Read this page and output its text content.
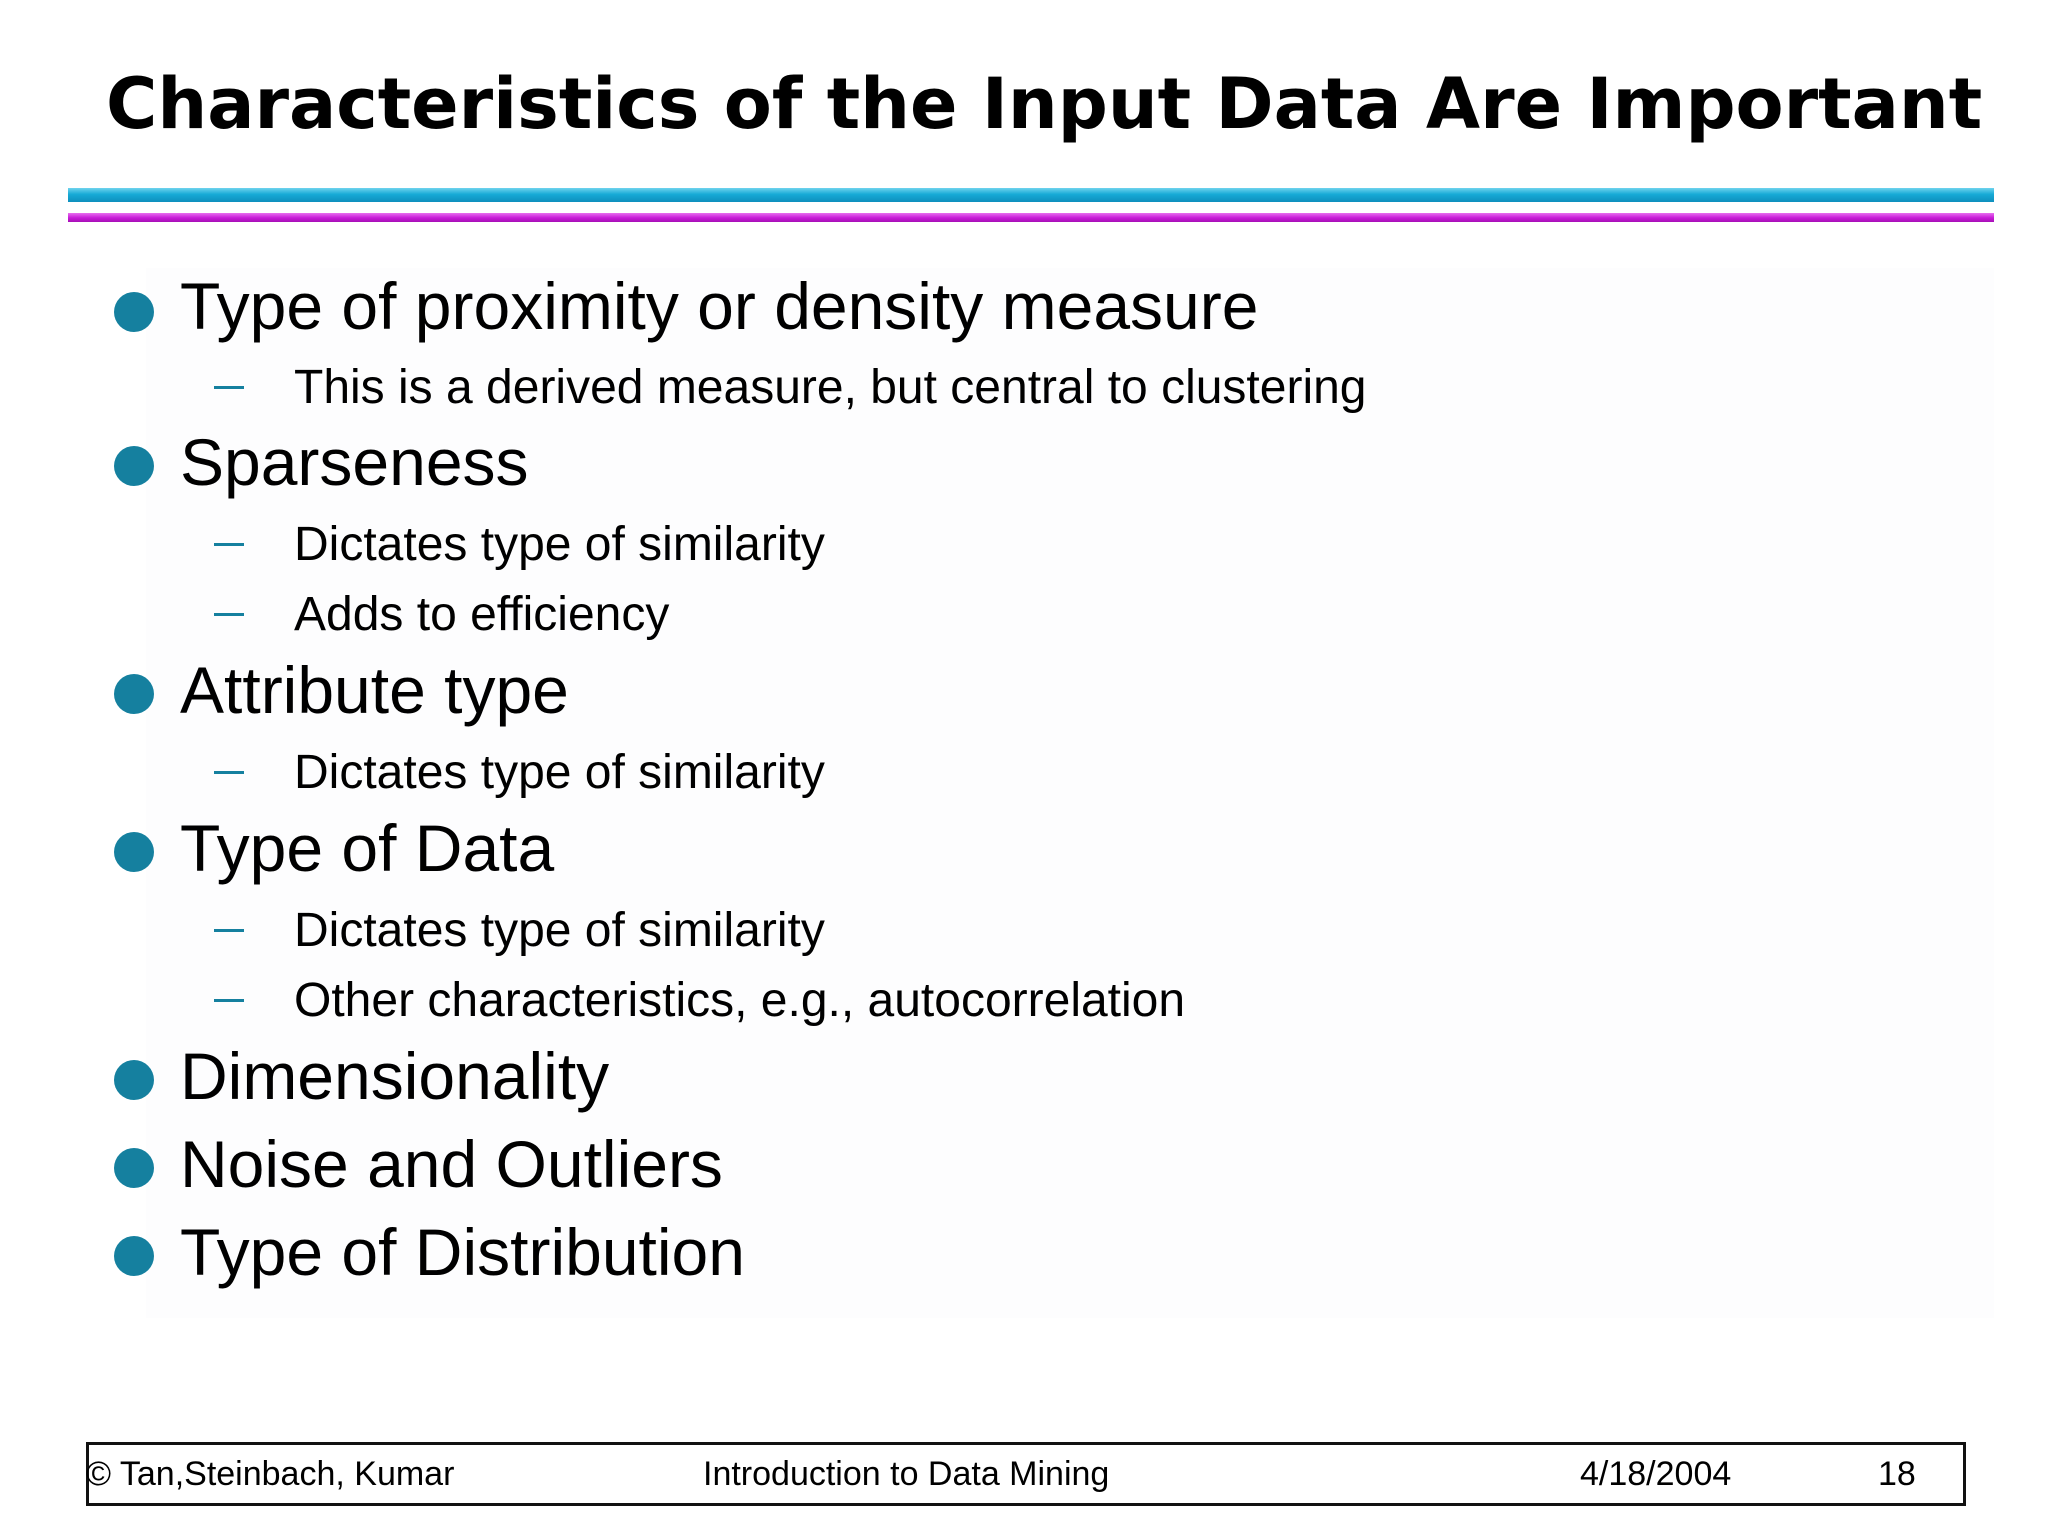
Characteristics of the Input Data Are Important
Type of proximity or density measure
This is a derived measure, but central to clustering
Sparseness
Dictates type of similarity
Adds to efficiency
Attribute type
Dictates type of similarity
Type of Data
Dictates type of similarity
Other characteristics, e.g., autocorrelation
Dimensionality
Noise and Outliers
Type of Distribution
© Tan,Steinbach, Kumar	Introduction to Data Mining	4/18/2004	18
